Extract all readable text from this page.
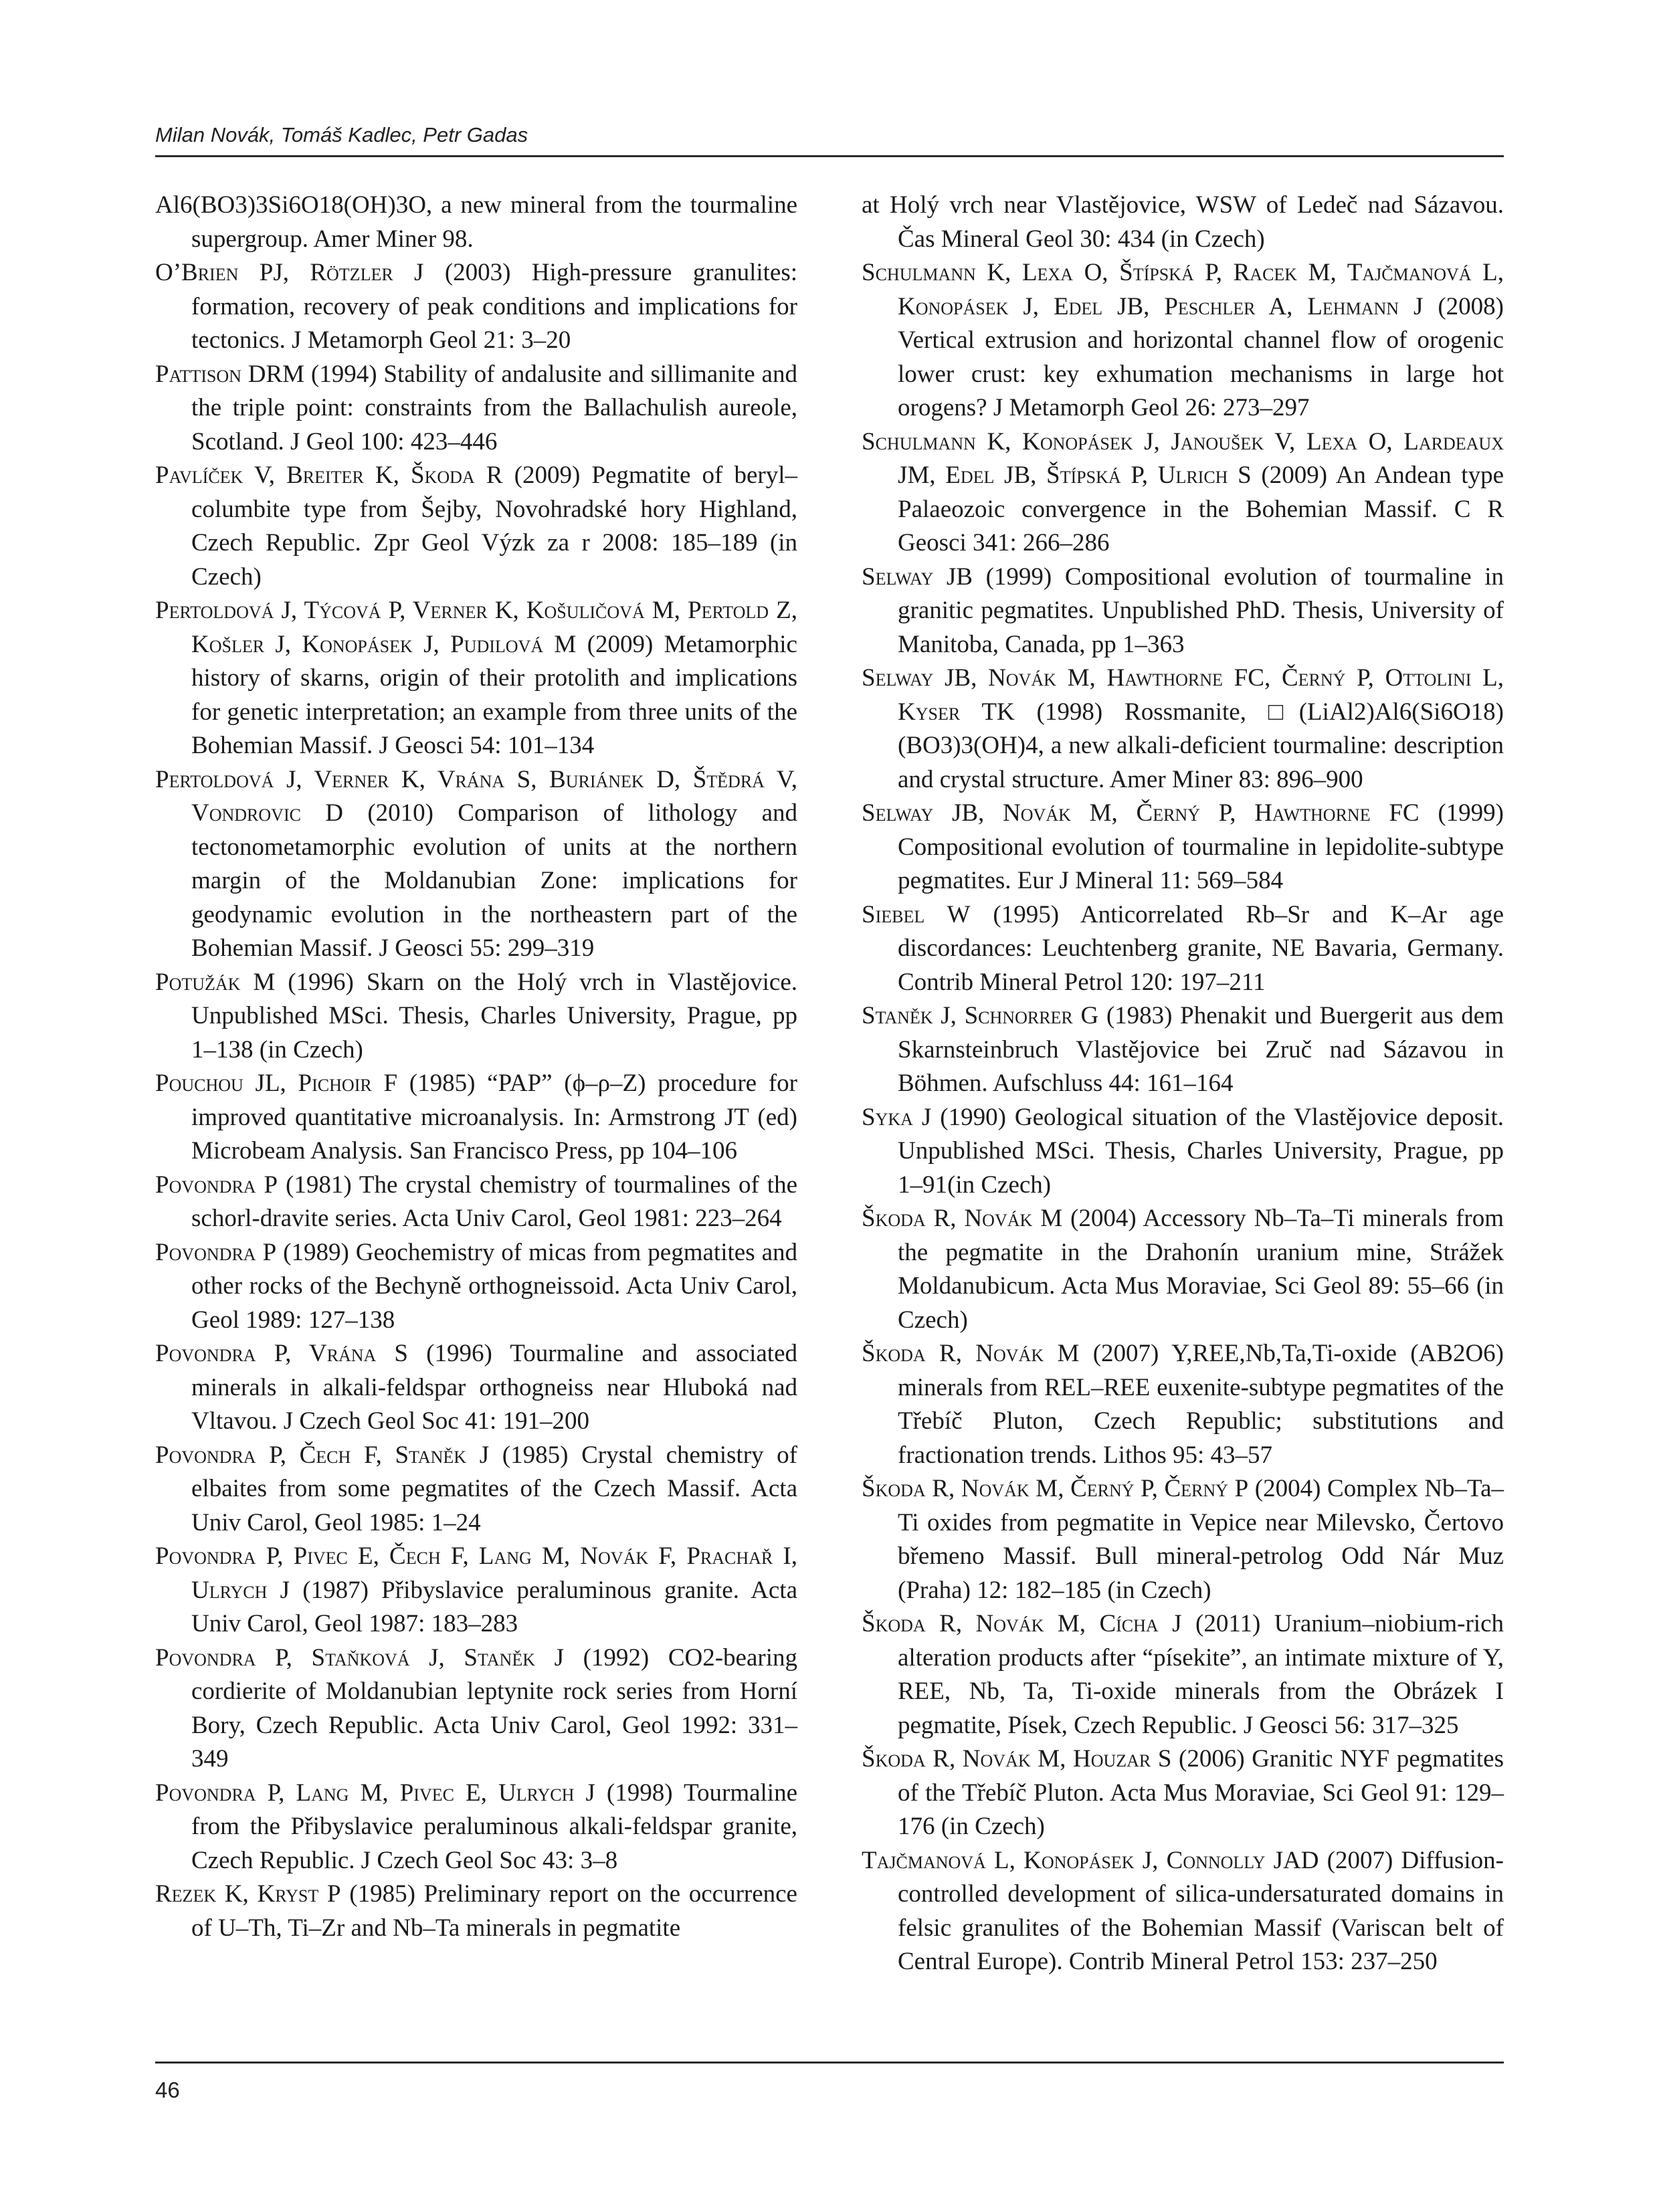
Milan Novák, Tomáš Kadlec, Petr Gadas

Al6(BO3)3Si6O18(OH)3O, a new mineral from the tourmaline supergroup. Amer Miner 98.

O’Brien PJ, Rötzler J (2003) High-pressure granulites: formation, recovery of peak conditions and implications for tectonics. J Metamorph Geol 21: 3–20

Pattison DRM (1994) Stability of andalusite and sillimanite and the triple point: constraints from the Ballachulish aureole, Scotland. J Geol 100: 423–446

Pavlíček V, Breiter K, Škoda R (2009) Pegmatite of beryl–columbite type from Šejby, Novohradské hory Highland, Czech Republic. Zpr Geol Výzk za r 2008: 185–189 (in Czech)

Pertoldová J, Týcová P, Verner K, Košuličová M, Pertold Z, Košler J, Konopásek J, Pudilová M (2009) Metamorphic history of skarns, origin of their protolith and implications for genetic interpretation; an example from three units of the Bohemian Massif. J Geosci 54: 101–134

Pertoldová J, Verner K, Vrána S, Buriánek D, Štědrá V, Vondrovic D (2010) Comparison of lithology and tectonometamorphic evolution of units at the northern margin of the Moldanubian Zone: implications for geodynamic evolution in the northeastern part of the Bohemian Massif. J Geosci 55: 299–319

Potužák M (1996) Skarn on the Holý vrch in Vlastějovice. Unpublished MSci. Thesis, Charles University, Prague, pp 1–138 (in Czech)

Pouchou JL, Pichoir F (1985) “PAP” (ϕ–ρ–Z) procedure for improved quantitative microanalysis. In: Armstrong JT (ed) Microbeam Analysis. San Francisco Press, pp 104–106

Povondra P (1981) The crystal chemistry of tourmalines of the schorl-dravite series. Acta Univ Carol, Geol 1981: 223–264

Povondra P (1989) Geochemistry of micas from pegmatites and other rocks of the Bechyně orthogneissoid. Acta Univ Carol, Geol 1989: 127–138

Povondra P, Vrána S (1996) Tourmaline and associated minerals in alkali-feldspar orthogneiss near Hluboká nad Vltavou. J Czech Geol Soc 41: 191–200

Povondra P, Čech F, Staněk J (1985) Crystal chemistry of elbaites from some pegmatites of the Czech Massif. Acta Univ Carol, Geol 1985: 1–24

Povondra P, Pivec E, Čech F, Lang M, Novák F, Prachař I, Ulrych J (1987) Přibyslavice peraluminous granite. Acta Univ Carol, Geol 1987: 183–283

Povondra P, Staňková J, Staněk J (1992) CO2-bearing cordierite of Moldanubian leptynite rock series from Horní Bory, Czech Republic. Acta Univ Carol, Geol 1992: 331–349

Povondra P, Lang M, Pivec E, Ulrych J (1998) Tourmaline from the Přibyslavice peraluminous alkali-feldspar granite, Czech Republic. J Czech Geol Soc 43: 3–8

Rezek K, Kryst P (1985) Preliminary report on the occurrence of U–Th, Ti–Zr and Nb–Ta minerals in pegmatite

at Holý vrch near Vlastějovice, WSW of Ledeč nad Sázavou. Čas Mineral Geol 30: 434 (in Czech)

Schulmann K, Lexa O, Štípská P, Racek M, Tajčmanová L, Konopásek J, Edel JB, Peschler A, Lehmann J (2008) Vertical extrusion and horizontal channel flow of orogenic lower crust: key exhumation mechanisms in large hot orogens? J Metamorph Geol 26: 273–297

Schulmann K, Konopásek J, Janoušek V, Lexa O, Lardeaux JM, Edel JB, Štípská P, Ulrich S (2009) An Andean type Palaeozoic convergence in the Bohemian Massif. C R Geosci 341: 266–286

Selway JB (1999) Compositional evolution of tourmaline in granitic pegmatites. Unpublished PhD. Thesis, University of Manitoba, Canada, pp 1–363

Selway JB, Novák M, Hawthorne FC, Černý P, Ottolini L, Kyser TK (1998) Rossmanite, □(LiAl2)Al6(Si6O18)(BO3)3(OH)4, a new alkali-deficient tourmaline: description and crystal structure. Amer Miner 83: 896–900

Selway JB, Novák M, Černý P, Hawthorne FC (1999) Compositional evolution of tourmaline in lepidolite-subtype pegmatites. Eur J Mineral 11: 569–584

Siebel W (1995) Anticorrelated Rb–Sr and K–Ar age discordances: Leuchtenberg granite, NE Bavaria, Germany. Contrib Mineral Petrol 120: 197–211

Staněk J, Schnorrer G (1983) Phenakit und Buergerit aus dem Skarnsteinbruch Vlastějovice bei Zruč nad Sázavou in Böhmen. Aufschluss 44: 161–164

Syka J (1990) Geological situation of the Vlastějovice deposit. Unpublished MSci. Thesis, Charles University, Prague, pp 1–91(in Czech)

Škoda R, Novák M (2004) Accessory Nb–Ta–Ti minerals from the pegmatite in the Drahonín uranium mine, Strážek Moldanubicum. Acta Mus Moraviae, Sci Geol 89: 55–66 (in Czech)

Škoda R, Novák M (2007) Y,REE,Nb,Ta,Ti-oxide (AB2O6) minerals from REL–REE euxenite-subtype pegmatites of the Třebíč Pluton, Czech Republic; substitutions and fractionation trends. Lithos 95: 43–57

Škoda R, Novák M, Černý P, Černý P (2004) Complex Nb–Ta–Ti oxides from pegmatite in Vepice near Milevsko, Čertovo břemeno Massif. Bull mineral-petrolog Odd Nár Muz (Praha) 12: 182–185 (in Czech)

Škoda R, Novák M, Cícha J (2011) Uranium–niobium-rich alteration products after “písekite”, an intimate mixture of Y, REE, Nb, Ta, Ti-oxide minerals from the Obrázek I pegmatite, Písek, Czech Republic. J Geosci 56: 317–325

Škoda R, Novák M, Houzar S (2006) Granitic NYF pegmatites of the Třebíč Pluton. Acta Mus Moraviae, Sci Geol 91: 129–176 (in Czech)

Tajčmanová L, Konopásek J, Connolly JAD (2007) Diffusion-controlled development of silica-undersaturated domains in felsic granulites of the Bohemian Massif (Variscan belt of Central Europe). Contrib Mineral Petrol 153: 237–250

46
